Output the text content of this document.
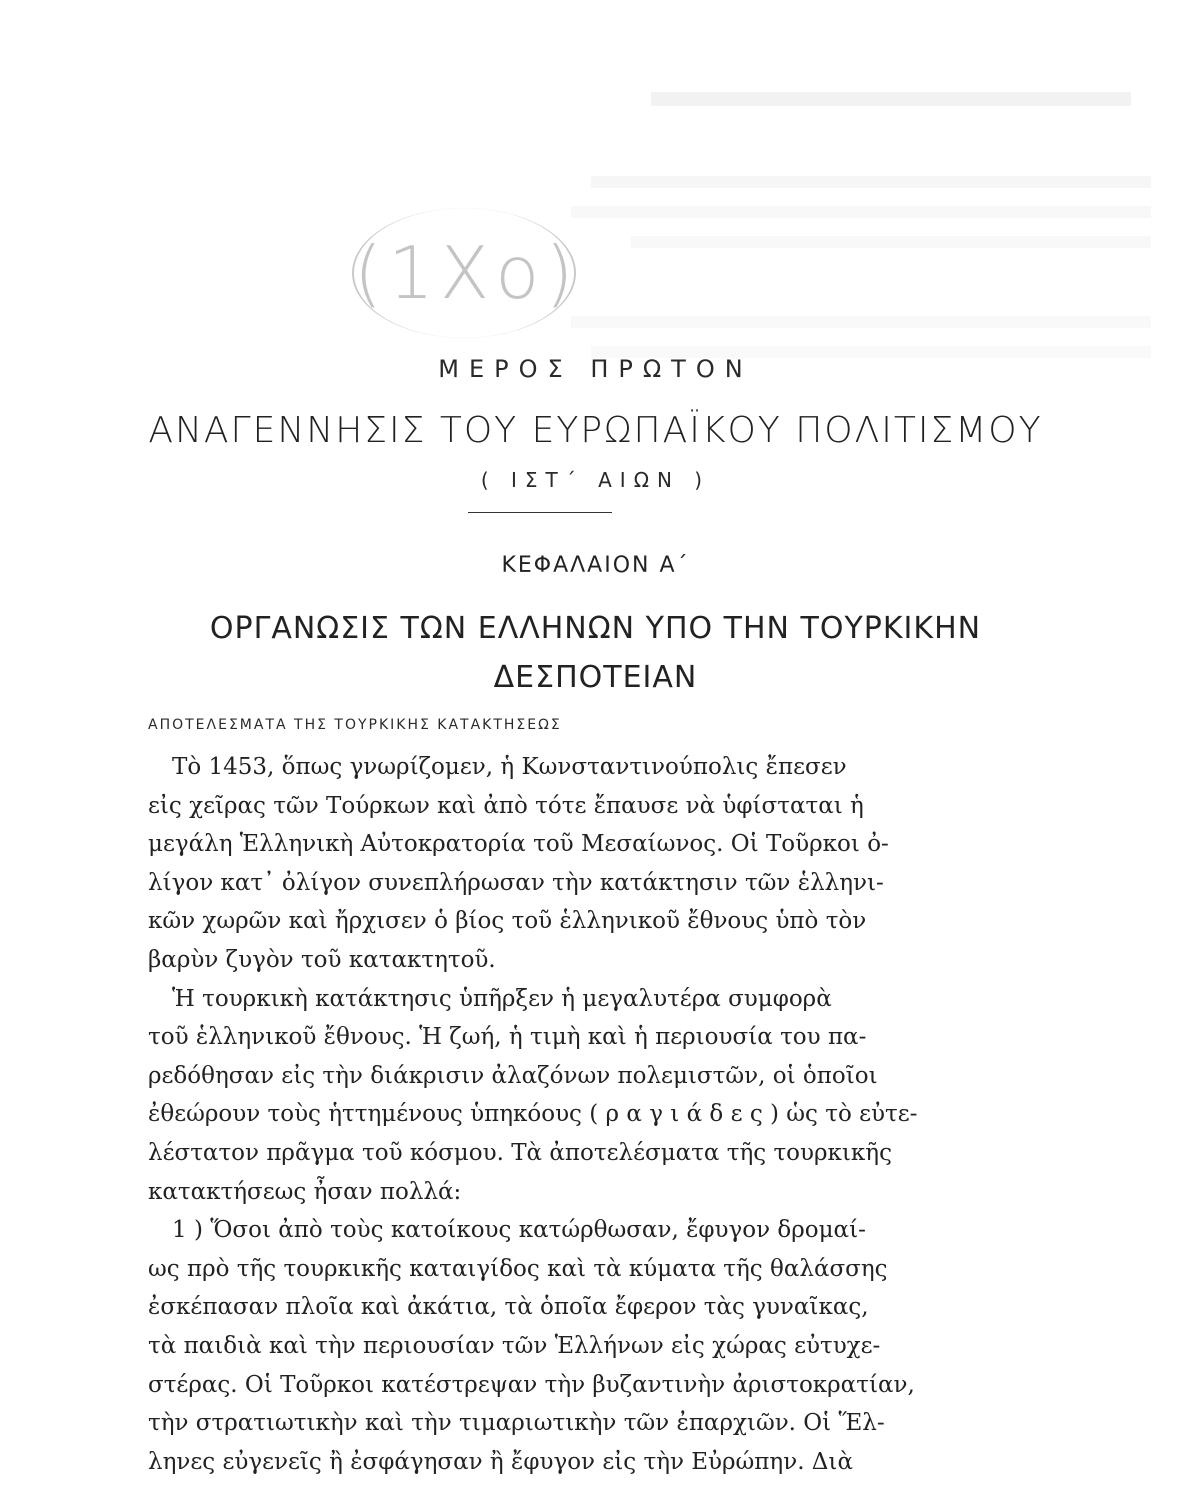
(1Χο)
ΜΕΡΟΣ ΠΡΩΤΟΝ
ΑΝΑΓΕΝΝΗΣΙΣ ΤΟΥ ΕΥΡΩΠΑΪΚΟΥ ΠΟΛΙΤΙΣΜΟΥ
( ΙΣΤ΄ ΑΙΩΝ )
ΚΕΦΑΛΑΙΟΝ Α΄
ΟΡΓΑΝΩΣΙΣ ΤΩΝ ΕΛΛΗΝΩΝ ΥΠΟ ΤΗΝ ΤΟΥΡΚΙΚΗΝ
ΔΕΣΠΟΤΕΙΑΝ
ΑΠΟΤΕΛΕΣΜΑΤΑ ΤΗΣ ΤΟΥΡΚΙΚΗΣ ΚΑΤΑΚΤΗΣΕΩΣ

Τὸ 1453, ὅπως γνωρίζομεν, ἡ Κωνσταντινούπολις ἔπεσεν
εἰς χεῖρας τῶν Τούρκων καὶ ἀπὸ τότε ἔπαυσε νὰ ὑφίσταται ἡ
μεγάλη Ἑλληνικὴ Αὐτοκρατορία τοῦ Μεσαίωνος. Οἱ Τοῦρκοι ὀ-
λίγον κατ᾽ ὀλίγον συνεπλήρωσαν τὴν κατάκτησιν τῶν ἑλληνι-
κῶν χωρῶν καὶ ἤρχισεν ὁ βίος τοῦ ἑλληνικοῦ ἔθνους ὑπὸ τὸν
βαρὺν ζυγὸν τοῦ κατακτητοῦ.

Ἡ τουρκικὴ κατάκτησις ὑπῆρξεν ἡ μεγαλυτέρα συμφορὰ
τοῦ ἑλληνικοῦ ἔθνους. Ἡ ζωή, ἡ τιμὴ καὶ ἡ περιουσία του πα-
ρεδόθησαν εἰς τὴν διάκρισιν ἀλαζόνων πολεμιστῶν, οἱ ὁποῖοι
ἐθεώρουν τοὺς ἡττημένους ὑπηκόους ( ρ α γ ι ά δ ε ς ) ὡς τὸ εὐτε-
λέστατον πρᾶγμα τοῦ κόσμου. Τὰ ἀποτελέσματα τῆς τουρκικῆς
κατακτήσεως ἦσαν πολλά:

1 ) Ὅσοι ἀπὸ τοὺς κατοίκους κατώρθωσαν, ἔφυγον δρομαί-
ως πρὸ τῆς τουρκικῆς καταιγίδος καὶ τὰ κύματα τῆς θαλάσσης
ἐσκέπασαν πλοῖα καὶ ἀκάτια, τὰ ὁποῖα ἔφερον τὰς γυναῖκας,
τὰ παιδιὰ καὶ τὴν περιουσίαν τῶν Ἑλλήνων εἰς χώρας εὐτυχε-
στέρας. Οἱ Τοῦρκοι κατέστρεψαν τὴν βυζαντινὴν ἀριστοκρατίαν,
τὴν στρατιωτικὴν καὶ τὴν τιμαριωτικὴν τῶν ἐπαρχιῶν. Οἱ Ἕλ-
ληνες εὐγενεῖς ἢ ἐσφάγησαν ἢ ἔφυγον εἰς τὴν Εὐρώπην. Διὰ
